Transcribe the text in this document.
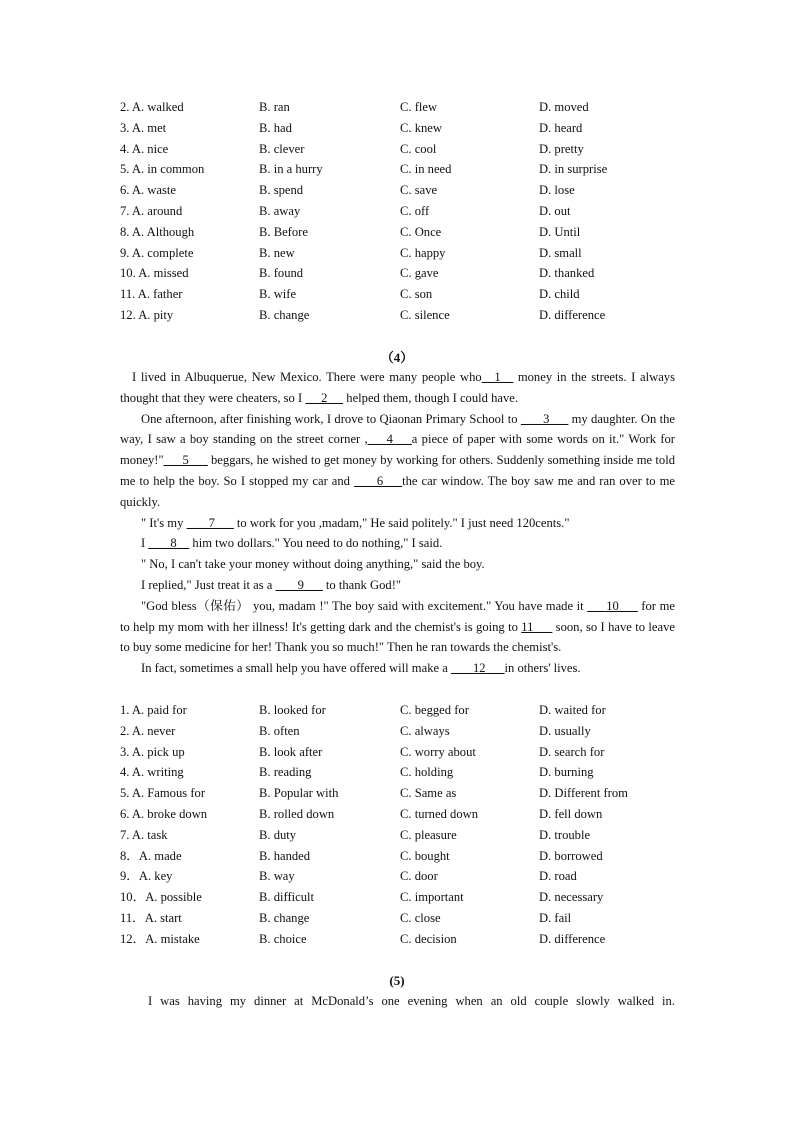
2. A. walked	B. ran	C. flew	D. moved
3. A. met	B. had	C. knew	D. heard
4. A. nice	B. clever	C. cool	D. pretty
5. A. in common	B. in a hurry	C. in need	D. in surprise
6. A. waste	B. spend	C. save	D. lose
7. A. around	B. away	C. off	D. out
8. A. Although	B. Before	C. Once	D. Until
9. A. complete	B. new	C. happy	D. small
10. A. missed	B. found	C. gave	D. thanked
11. A. father	B. wife	C. son	D. child
12. A. pity	B. change	C. silence	D. difference
（4）

I lived in Albuquerue, New Mexico. There were many people who__1__ money in the streets. I always thought that they were cheaters, so I  __2__  helped them, though I could have.

One afternoon, after finishing work, I drove to Qiaonan Primary School to  ___3___ my daughter. On the way, I saw a boy standing on the street corner ,___4___a piece of paper with some words on it." Work for money!"___5___ beggars, he wished to get money by working for others. Suddenly something inside me told me to help the boy. So I stopped my car and  ___6___the car window. The boy saw me and ran over to me quickly.

" It's my  ___7___ to work for you ,madam," He said politely." I just need 120cents."

I  ___8__ him two dollars." You need to do nothing," I said.

" No, I can't take your money without doing anything," said the boy.

I replied," Just treat it as a  ___9___ to thank God!"

"God bless（保佑） you, madam !" The boy said with excitement." You have made it ___10___ for me to help my mom with her illness! It's getting dark and the chemist's is going to 11___ soon, so I have to leave to buy some medicine for her! Thank you so much!" Then he ran towards the chemist's.

In fact, sometimes a small help you have offered will make a  ___12___in others' lives.

1. A. paid for	B. looked for	C. begged for	D. waited for
2. A. never	B. often	C. always	D. usually
3. A. pick up	B. look after	C. worry about	D. search for
4. A. writing	B. reading	C. holding	D. burning
5. A. Famous for	B. Popular with	C. Same as	D. Different from
6. A. broke down	B. rolled down	C. turned down	D. fell down
7. A. task	B. duty	C. pleasure	D. trouble
8．A. made	B. handed	C. bought	D. borrowed
9．A. key	B. way	C. door	D. road
10．A. possible	B. difficult	C. important	D. necessary
11．A. start	B. change	C. close	D. fail
12．A. mistake	B. choice	C. decision	D. difference
(5)
I was having my dinner at McDonald’s one evening when an old couple slowly walked in.
